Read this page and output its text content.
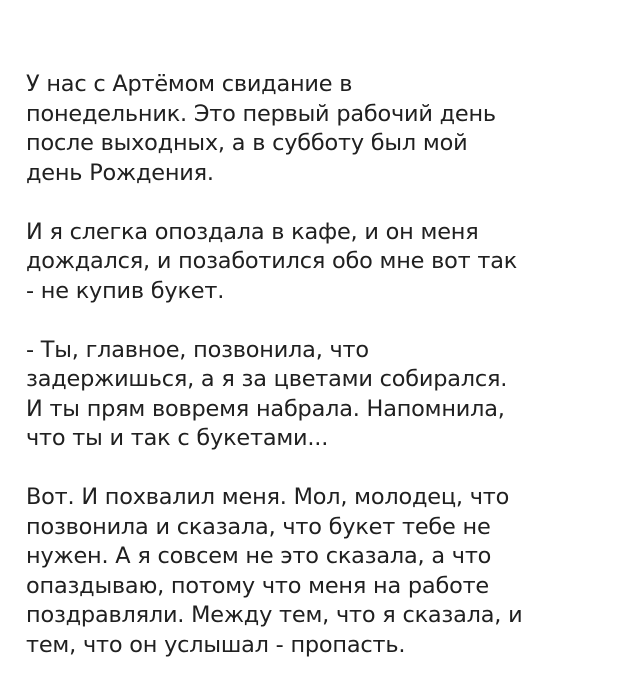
У нас с Артёмом свидание в
понедельник. Это первый рабочий день
после выходных, а в субботу был мой
день Рождения.

И я слегка опоздала в кафе, и он меня
дождался, и позаботился обо мне вот так
- не купив букет.

- Ты, главное, позвонила, что
задержишься, а я за цветами собирался.
И ты прям вовремя набрала. Напомнила,
что ты и так с букетами...

Вот. И похвалил меня. Мол, молодец, что
позвонила и сказала, что букет тебе не
нужен. А я совсем не это сказала, а что
опаздываю, потому что меня на работе
поздравляли. Между тем, что я сказала, и
тем, что он услышал - пропасть.
